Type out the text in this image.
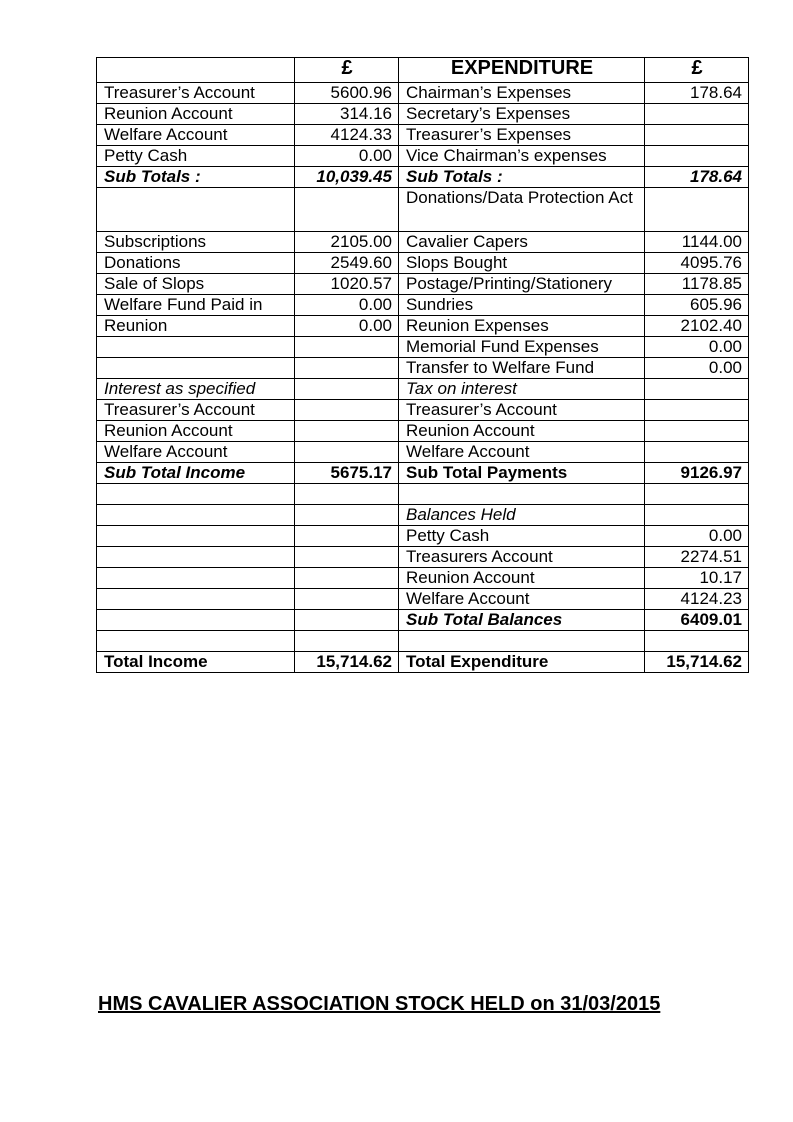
	£	EXPENDITURE	£
Treasurer’s Account	5600.96	Chairman’s Expenses	178.64
Reunion Account	314.16	Secretary’s Expenses	
Welfare Account	4124.33	Treasurer’s Expenses	
Petty Cash	0.00	Vice Chairman’s expenses	
Sub Totals :	10,039.45	Sub Totals :	178.64
		Donations/Data Protection Act	
Subscriptions	2105.00	Cavalier Capers	1144.00
Donations	2549.60	Slops Bought	4095.76
Sale of Slops	1020.57	Postage/Printing/Stationery	1178.85
Welfare Fund Paid in	0.00	Sundries	605.96
Reunion	0.00	Reunion Expenses	2102.40
		Memorial Fund Expenses	0.00
		Transfer to Welfare Fund	0.00
Interest as specified		Tax on interest	
Treasurer’s Account		Treasurer’s Account	
Reunion Account		Reunion Account	
Welfare Account		Welfare Account	
Sub Total Income	5675.17	Sub Total Payments	9126.97

		Balances Held	
		Petty Cash	0.00
		Treasurers Account	2274.51
		Reunion Account	10.17
		Welfare Account	4124.23
		Sub Total Balances	6409.01

Total Income	15,714.62	Total Expenditure	15,714.62
HMS CAVALIER ASSOCIATION STOCK HELD on 31/03/2015
